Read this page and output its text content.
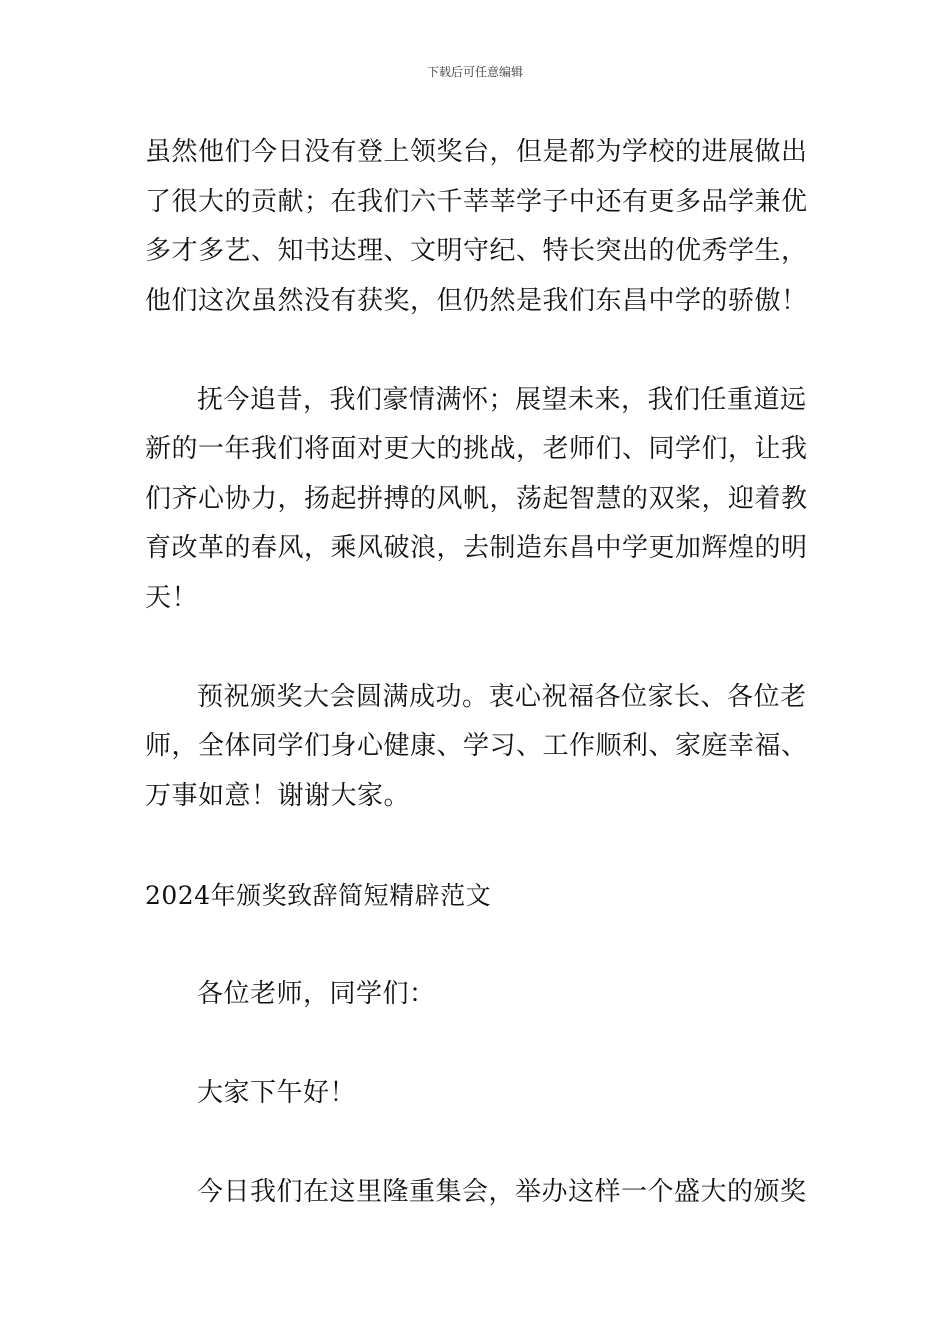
下载后可任意编辑
虽然他们今日没有登上领奖台，但是都为学校的进展做出
了很大的贡献；在我们六千莘莘学子中还有更多品学兼优
多才多艺、知书达理、文明守纪、特长突出的优秀学生，
他们这次虽然没有获奖，但仍然是我们东昌中学的骄傲！
抚今追昔，我们豪情满怀；展望未来，我们任重道远
新的一年我们将面对更大的挑战，老师们、同学们，让我
们齐心协力，扬起拼搏的风帆，荡起智慧的双桨，迎着教
育改革的春风，乘风破浪，去制造东昌中学更加辉煌的明
天！
预祝颁奖大会圆满成功。衷心祝福各位家长、各位老
师，全体同学们身心健康、学习、工作顺利、家庭幸福、
万事如意！谢谢大家。
2024年颁奖致辞简短精辟范文
各位老师，同学们：
大家下午好！
今日我们在这里隆重集会，举办这样一个盛大的颁奖
